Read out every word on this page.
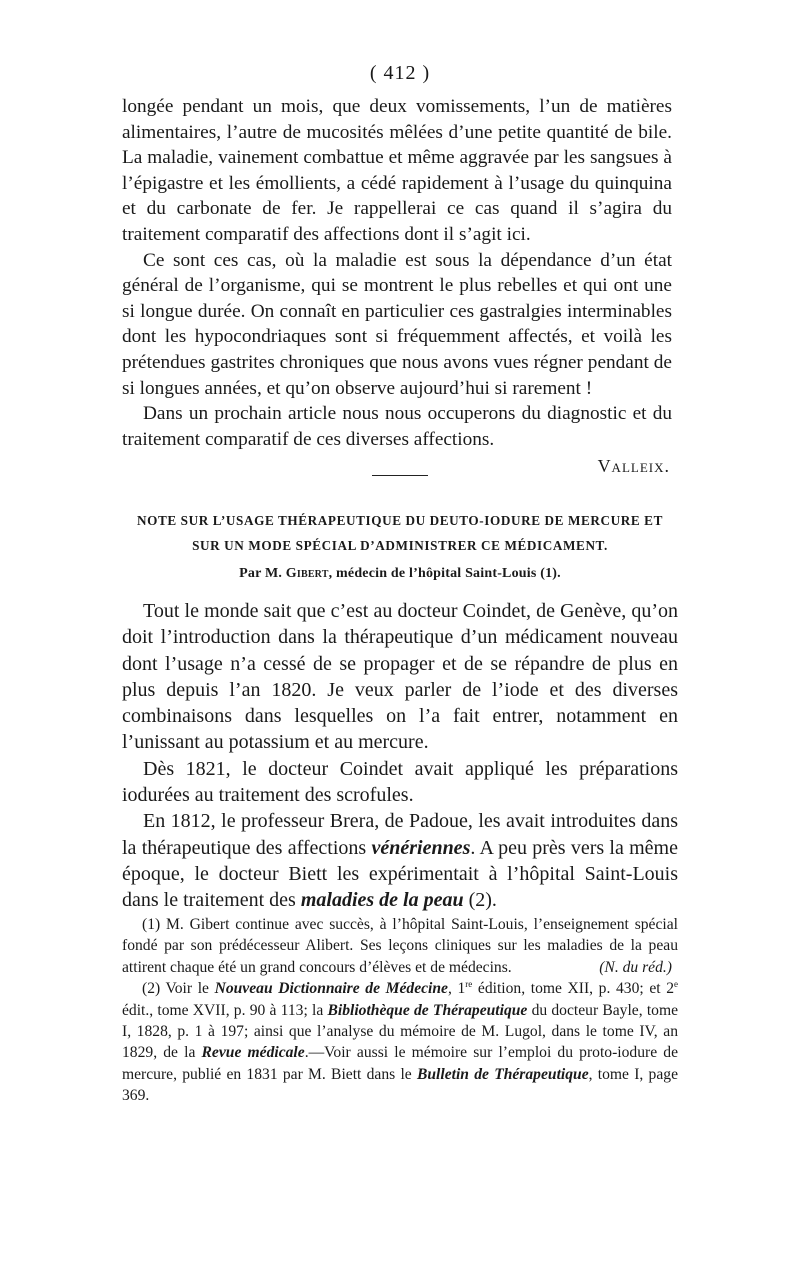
( 412 )

longée pendant un mois, que deux vomissements, l’un de matières alimentaires, l’autre de mucosités mêlées d’une petite quantité de bile. La maladie, vainement combattue et même aggravée par les sangsues à l’épigastre et les émollients, a cédé rapidement à l’usage du quinquina et du carbonate de fer. Je rappellerai ce cas quand il s’agira du traitement comparatif des affections dont il s’agit ici.

Ce sont ces cas, où la maladie est sous la dépendance d’un état général de l’organisme, qui se montrent le plus rebelles et qui ont une si longue durée. On connaît en particulier ces gastralgies interminables dont les hypocondriaques sont si fréquemment affectés, et voilà les prétendues gastrites chroniques que nous avons vues régner pendant de si longues années, et qu’on observe aujourd’hui si rarement !

Dans un prochain article nous nous occuperons du diagnostic et du traitement comparatif de ces diverses affections.

Valleix.
NOTE SUR L’USAGE THÉRAPEUTIQUE DU DEUTO-IODURE DE MERCURE ET
SUR UN MODE SPÉCIAL D’ADMINISTRER CE MÉDICAMENT.
Par M. Gibert, médecin de l’hôpital Saint-Louis (1).

Tout le monde sait que c’est au docteur Coindet, de Genève, qu’on doit l’introduction dans la thérapeutique d’un médicament nouveau dont l’usage n’a cessé de se propager et de se répandre de plus en plus depuis l’an 1820. Je veux parler de l’iode et des diverses combinaisons dans lesquelles on l’a fait entrer, notamment en l’unissant au potassium et au mercure.

Dès 1821, le docteur Coindet avait appliqué les préparations iodurées au traitement des scrofules.

En 1812, le professeur Brera, de Padoue, les avait introduites dans la thérapeutique des affections vénériennes. A peu près vers la même époque, le docteur Biett les expérimentait à l’hôpital Saint-Louis dans le traitement des maladies de la peau (2).

(1) M. Gibert continue avec succès, à l’hôpital Saint-Louis, l’enseignement spécial fondé par son prédécesseur Alibert. Ses leçons cliniques sur les maladies de la peau attirent chaque été un grand concours d’élèves et de médecins.	(N. du réd.)

(2) Voir le Nouveau Dictionnaire de Médecine, 1re édition, tome XII, p. 430; et 2e édit., tome XVII, p. 90 à 113; la Bibliothèque de Thérapeutique du docteur Bayle, tome I, 1828, p. 1 à 197; ainsi que l’analyse du mémoire de M. Lugol, dans le tome IV, an 1829, de la Revue médicale.—Voir aussi le mémoire sur l’emploi du proto-iodure de mercure, publié en 1831 par M. Biett dans le Bulletin de Thérapeutique, tome I, page 369.
